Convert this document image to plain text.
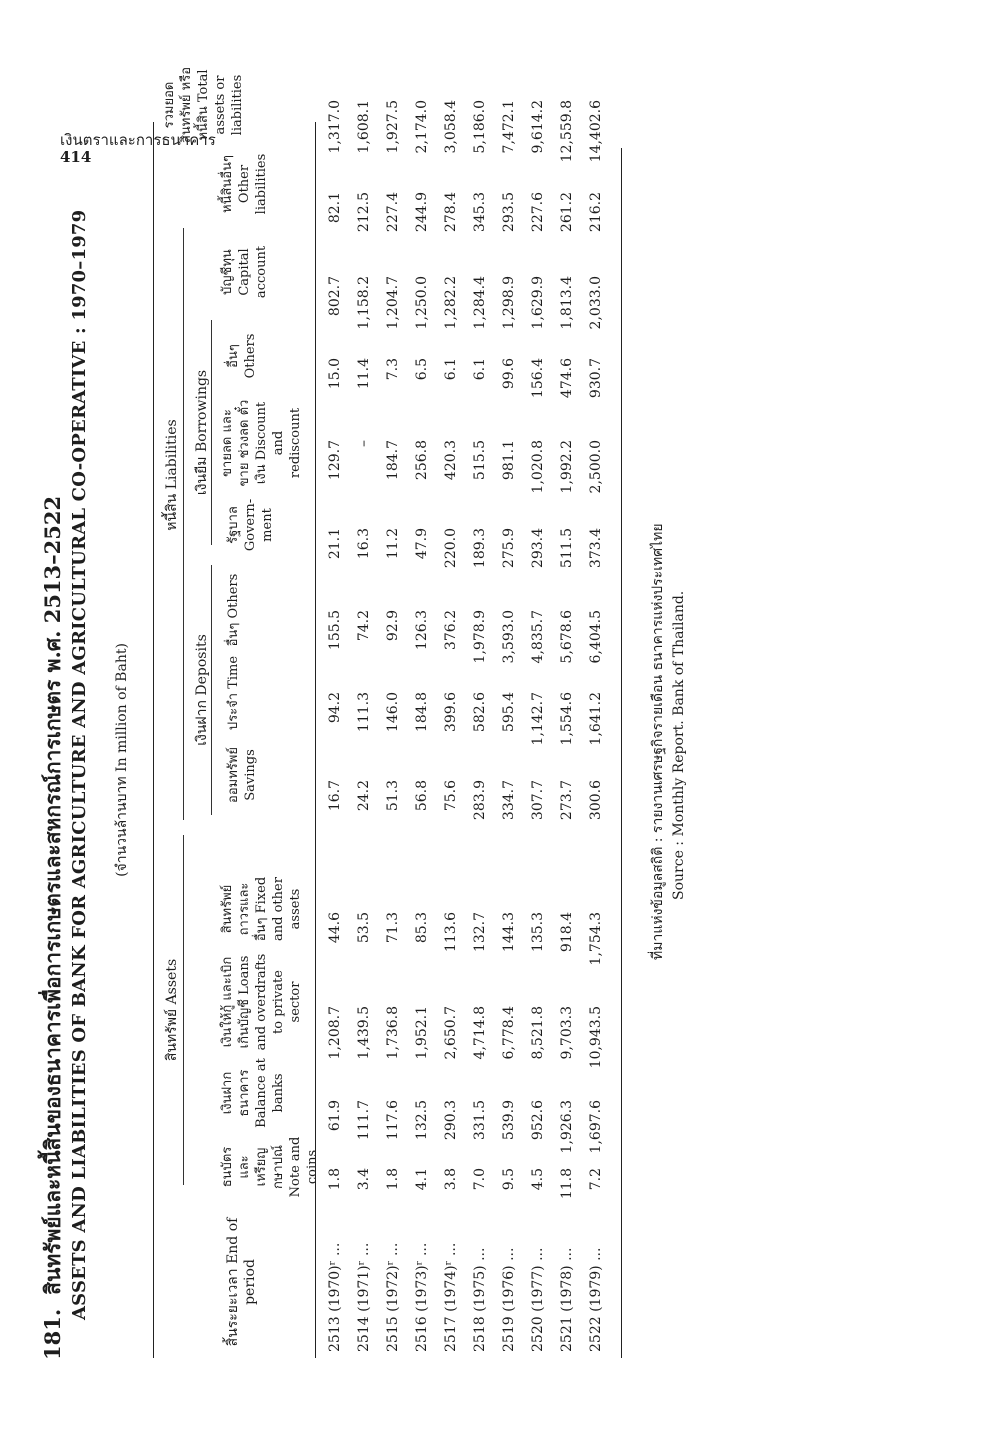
เงินตราและการธนาคาร
414
181.สินทรัพย์และหนี้สินของธนาคารเพื่อการเกษตรและสหกรณ์การเกษตร พ.ศ. 2513–2522 ASSETS AND LIABILITIES OF BANK FOR AGRICULTURE AND AGRICULTURAL CO-OPERATIVE : 1970–1979 (จำนวนล้านบาท In million of Baht)
สินทรัพย์ Assets
หนี้สิน Liabilities
เงินฝาก Deposits
เงินยืม Borrowings
สิ้นระยะเวลา End of period
ธนบัตร และ เหรียญ กษาปณ์ Note and coins
เงินฝาก ธนาคาร Balance at banks
เงินให้กู้ และเบิก เกินบัญชี Loans and overdrafts to private sector
สินทรัพย์ ถาวรและ อื่นๆ Fixed and other assets
ออมทรัพย์ Savings
ประจำ Time
อื่นๆ Others
รัฐบาล Govern- ment
ขายลด และขาย ช่วงลด ตั๋วเงิน Discount and rediscount
อื่นๆ Others
บัญชีทุน Capital account
หนี้สินอื่นๆ Other liabilities
รวมยอด สินทรัพย์ หรือ หนี้สิน Total assets or liabilities
2513 (1970)ʳ ...
1.8
61.9
1,208.7
44.6
16.7
94.2
155.5
21.1
129.7
15.0
802.7
82.1
1,317.0
2514 (1971)ʳ ...
3.4
111.7
1,439.5
53.5
24.2
111.3
74.2
16.3
–
11.4
1,158.2
212.5
1,608.1
2515 (1972)ʳ ...
1.8
117.6
1,736.8
71.3
51.3
146.0
92.9
11.2
184.7
7.3
1,204.7
227.4
1,927.5
2516 (1973)ʳ ...
4.1
132.5
1,952.1
85.3
56.8
184.8
126.3
47.9
256.8
6.5
1,250.0
244.9
2,174.0
2517 (1974)ʳ ...
3.8
290.3
2,650.7
113.6
75.6
399.6
376.2
220.0
420.3
6.1
1,282.2
278.4
3,058.4
2518 (1975) ...
7.0
331.5
4,714.8
132.7
283.9
582.6
1,978.9
189.3
515.5
6.1
1,284.4
345.3
5,186.0
2519 (1976) ...
9.5
539.9
6,778.4
144.3
334.7
595.4
3,593.0
275.9
981.1
99.6
1,298.9
293.5
7,472.1
2520 (1977) ...
4.5
952.6
8,521.8
135.3
307.7
1,142.7
4,835.7
293.4
1,020.8
156.4
1,629.9
227.6
9,614.2
2521 (1978) ...
11.8
1,926.3
9,703.3
918.4
273.7
1,554.6
5,678.6
511.5
1,992.2
474.6
1,813.4
261.2
12,559.8
2522 (1979) ...
7.2
1,697.6
10,943.5
1,754.3
300.6
1,641.2
6,404.5
373.4
2,500.0
930.7
2,033.0
216.2
14,402.6
ที่มาแห่งข้อมูลสถิติ : รายงานเศรษฐกิจรายเดือน ธนาคารแห่งประเทศไทย Source : Monthly Report. Bank of Thailand.
